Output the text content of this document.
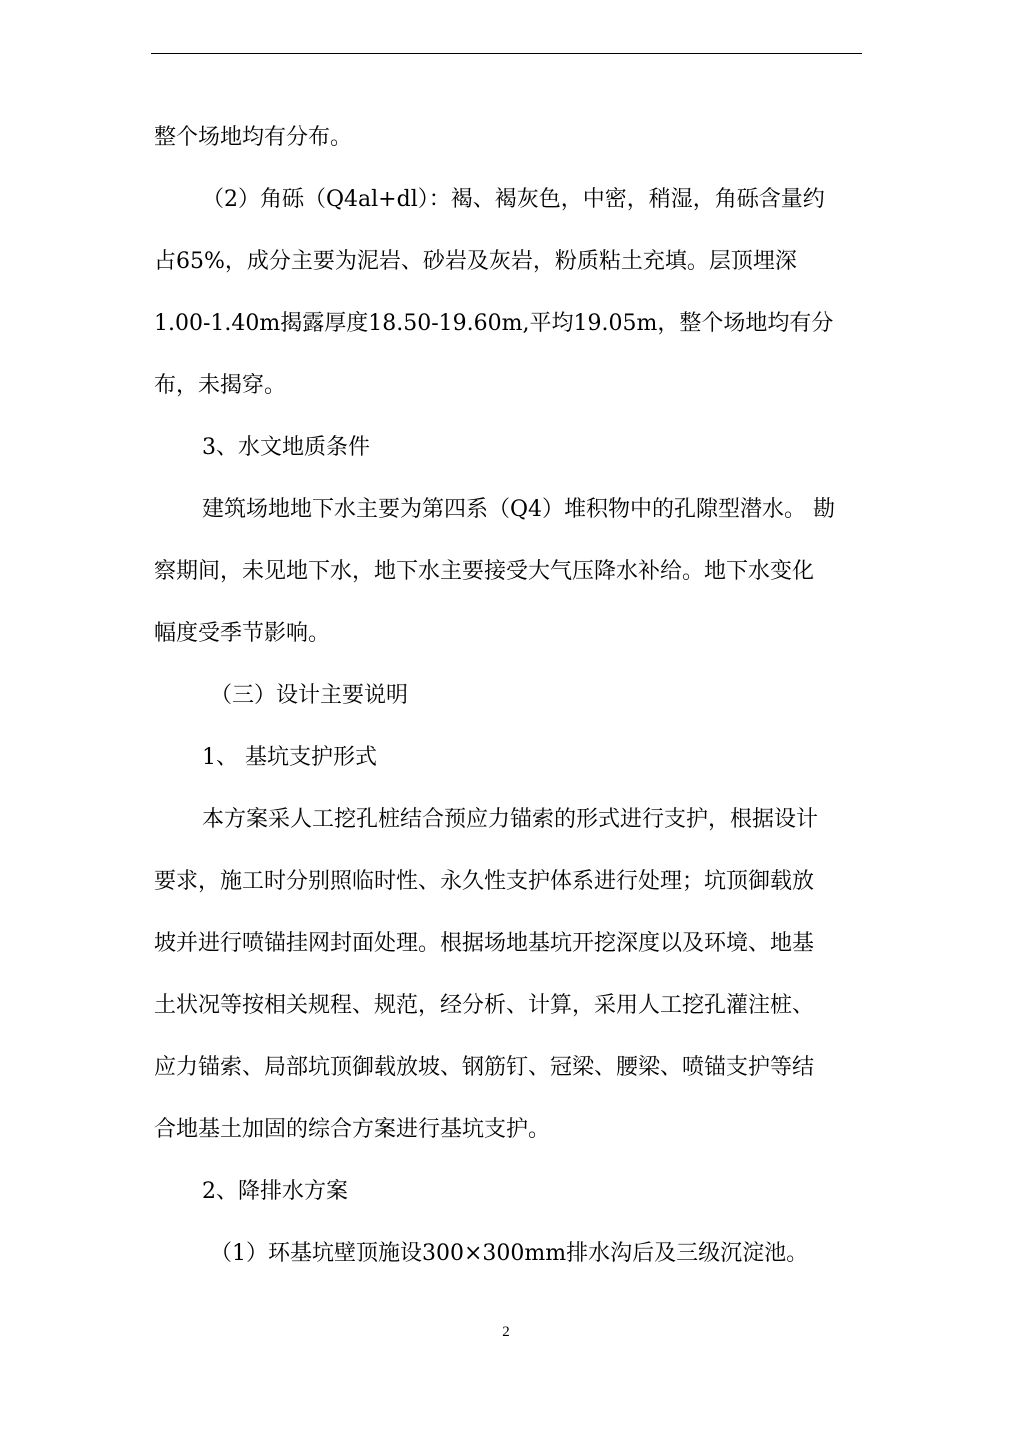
整个场地均有分布。
（2）角砾（Q4al+dl）：褐、褐灰色，中密，稍湿，角砾含量约
占65%，成分主要为泥岩、砂岩及灰岩，粉质粘土充填。层顶埋深
1.00-1.40m揭露厚度18.50-19.60m,平均19.05m，整个场地均有分
布，未揭穿。
3、水文地质条件
建筑场地地下水主要为第四系（Q4）堆积物中的孔隙型潜水。 勘
察期间，未见地下水，地下水主要接受大气压降水补给。地下水变化
幅度受季节影响。
（三）设计主要说明
1、 基坑支护形式
本方案采人工挖孔桩结合预应力锚索的形式进行支护，根据设计
要求，施工时分别照临时性、永久性支护体系进行处理；坑顶御载放
坡并进行喷锚挂网封面处理。根据场地基坑开挖深度以及环境、地基
土状况等按相关规程、规范，经分析、计算，采用人工挖孔灌注桩、
应力锚索、局部坑顶御载放坡、钢筋钉、冠梁、腰梁、喷锚支护等结
合地基土加固的综合方案进行基坑支护。
2、降排水方案
（1）环基坑壁顶施设300×300mm排水沟后及三级沉淀池。
2
